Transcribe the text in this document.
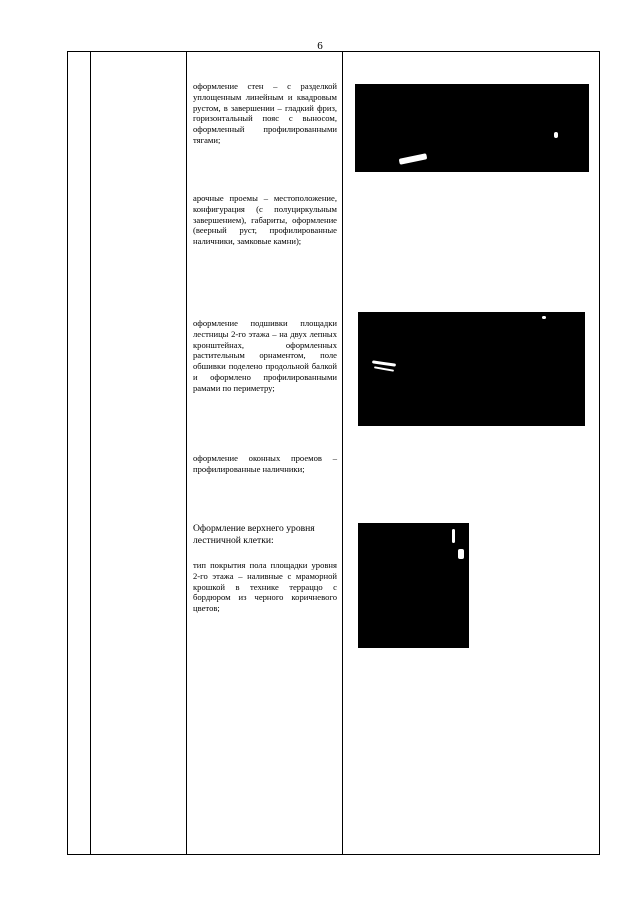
6
оформление стен – с разделкой уплощенным линейным и квадровым рустом, в завершении – гладкий фриз, горизонтальный пояс с выносом, оформленный профилированными тягами;
арочные проемы – местоположение, конфигурация (с полуциркульным завершением), габариты, оформление (веерный руст, профилированные наличники, замковые камни);
оформление подшивки площадки лестницы 2-го этажа – на двух лепных кронштейнах, оформленных растительным орнаментом, поле обшивки поделено продольной балкой и оформлено профилированными рамами по периметру;
оформление оконных проемов – профилированные наличники;
Оформление верхнего уровня лестничной клетки:
тип покрытия пола площадки уровня 2-го этажа – наливные с мраморной крошкой в технике терраццо с бордюром из черного коричневого цветов;
